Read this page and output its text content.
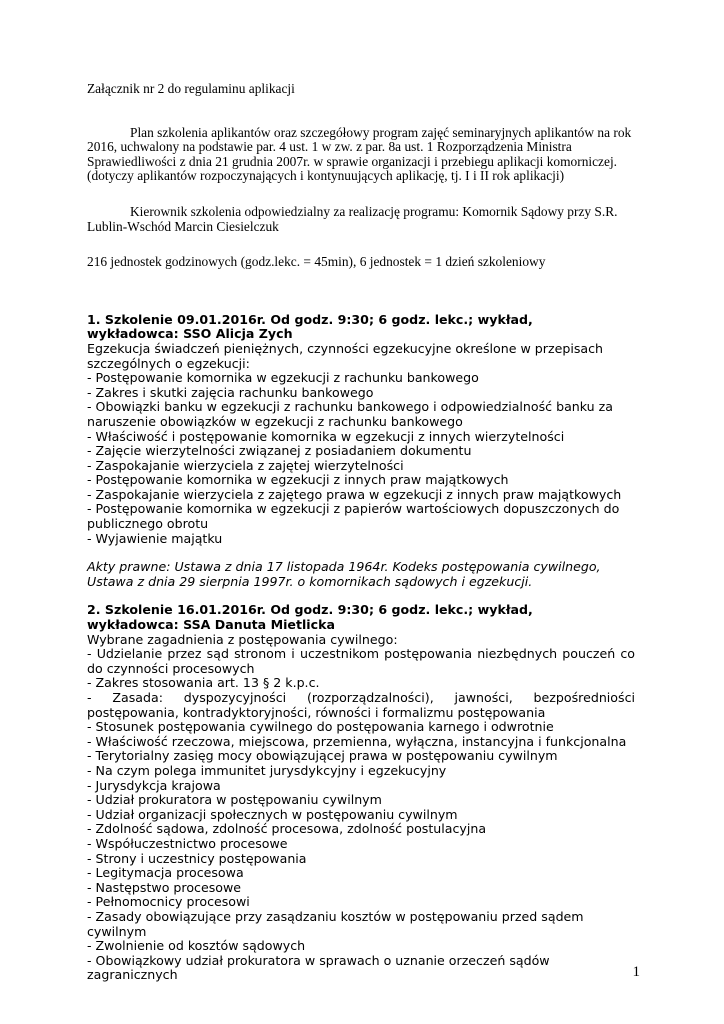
Załącznik nr 2 do regulaminu aplikacji

Plan szkolenia aplikantów oraz szczegółowy program zajęć seminaryjnych aplikantów na rok 2016, uchwalony na podstawie par. 4 ust. 1 w zw. z par. 8a ust. 1 Rozporządzenia Ministra Sprawiedliwości z dnia 21 grudnia 2007r. w sprawie organizacji i przebiegu aplikacji komorniczej.

(dotyczy aplikantów rozpoczynających i kontynuujących aplikację, tj. I i II rok aplikacji)

Kierownik szkolenia odpowiedzialny za realizację programu: Komornik Sądowy przy S.R. Lublin-Wschód Marcin Ciesielczuk

216 jednostek godzinowych (godz.lekc. = 45min), 6 jednostek = 1 dzień szkoleniowy

1. Szkolenie 09.01.2016r. Od godz. 9:30; 6 godz. lekc.; wykład,

wykładowca: SSO Alicja Zych

Egzekucja świadczeń pieniężnych, czynności egzekucyjne określone w przepisach szczególnych o egzekucji:

- Postępowanie komornika w egzekucji z rachunku bankowego

- Zakres i skutki zajęcia rachunku bankowego

- Obowiązki banku w egzekucji z rachunku bankowego i odpowiedzialność banku za naruszenie obowiązków w egzekucji z rachunku bankowego

- Właściwość i postępowanie komornika w egzekucji z innych wierzytelności

- Zajęcie wierzytelności związanej z posiadaniem dokumentu

- Zaspokajanie wierzyciela z zajętej wierzytelności

- Postępowanie komornika w egzekucji z innych praw majątkowych

- Zaspokajanie wierzyciela z zajętego prawa w egzekucji z innych praw majątkowych

- Postępowanie komornika w egzekucji z papierów wartościowych dopuszczonych do publicznego obrotu

- Wyjawienie majątku

Akty prawne: Ustawa z dnia 17 listopada 1964r. Kodeks postępowania cywilnego, Ustawa z dnia 29 sierpnia 1997r. o komornikach sądowych i egzekucji.

2. Szkolenie 16.01.2016r. Od godz. 9:30; 6 godz. lekc.; wykład,

wykładowca: SSA Danuta Mietlicka

Wybrane zagadnienia z postępowania cywilnego:

- Udzielanie przez sąd stronom i uczestnikom postępowania niezbędnych pouczeń co do czynności procesowych

- Zakres stosowania art. 13 § 2 k.p.c.

- Zasada: dyspozycyjności (rozporządzalności), jawności, bezpośredniości postępowania, kontradyktoryjności, równości i formalizmu postępowania

- Stosunek postępowania cywilnego do postępowania karnego i odwrotnie

- Właściwość rzeczowa, miejscowa, przemienna, wyłączna, instancyjna i funkcjonalna

- Terytorialny zasięg mocy obowiązującej prawa w postępowaniu cywilnym

- Na czym polega immunitet jurysdykcyjny i egzekucyjny

- Jurysdykcja krajowa

- Udział prokuratora w postępowaniu cywilnym

- Udział organizacji społecznych w postępowaniu cywilnym

- Zdolność sądowa, zdolność procesowa, zdolność postulacyjna

- Współuczestnictwo procesowe

- Strony i uczestnicy postępowania

- Legitymacja procesowa

- Następstwo procesowe

- Pełnomocnicy procesowi

- Zasady obowiązujące przy zasądzaniu kosztów w postępowaniu przed sądem cywilnym

- Zwolnienie od kosztów sądowych

- Obowiązkowy udział prokuratora w sprawach o uznanie orzeczeń sądów zagranicznych	1
